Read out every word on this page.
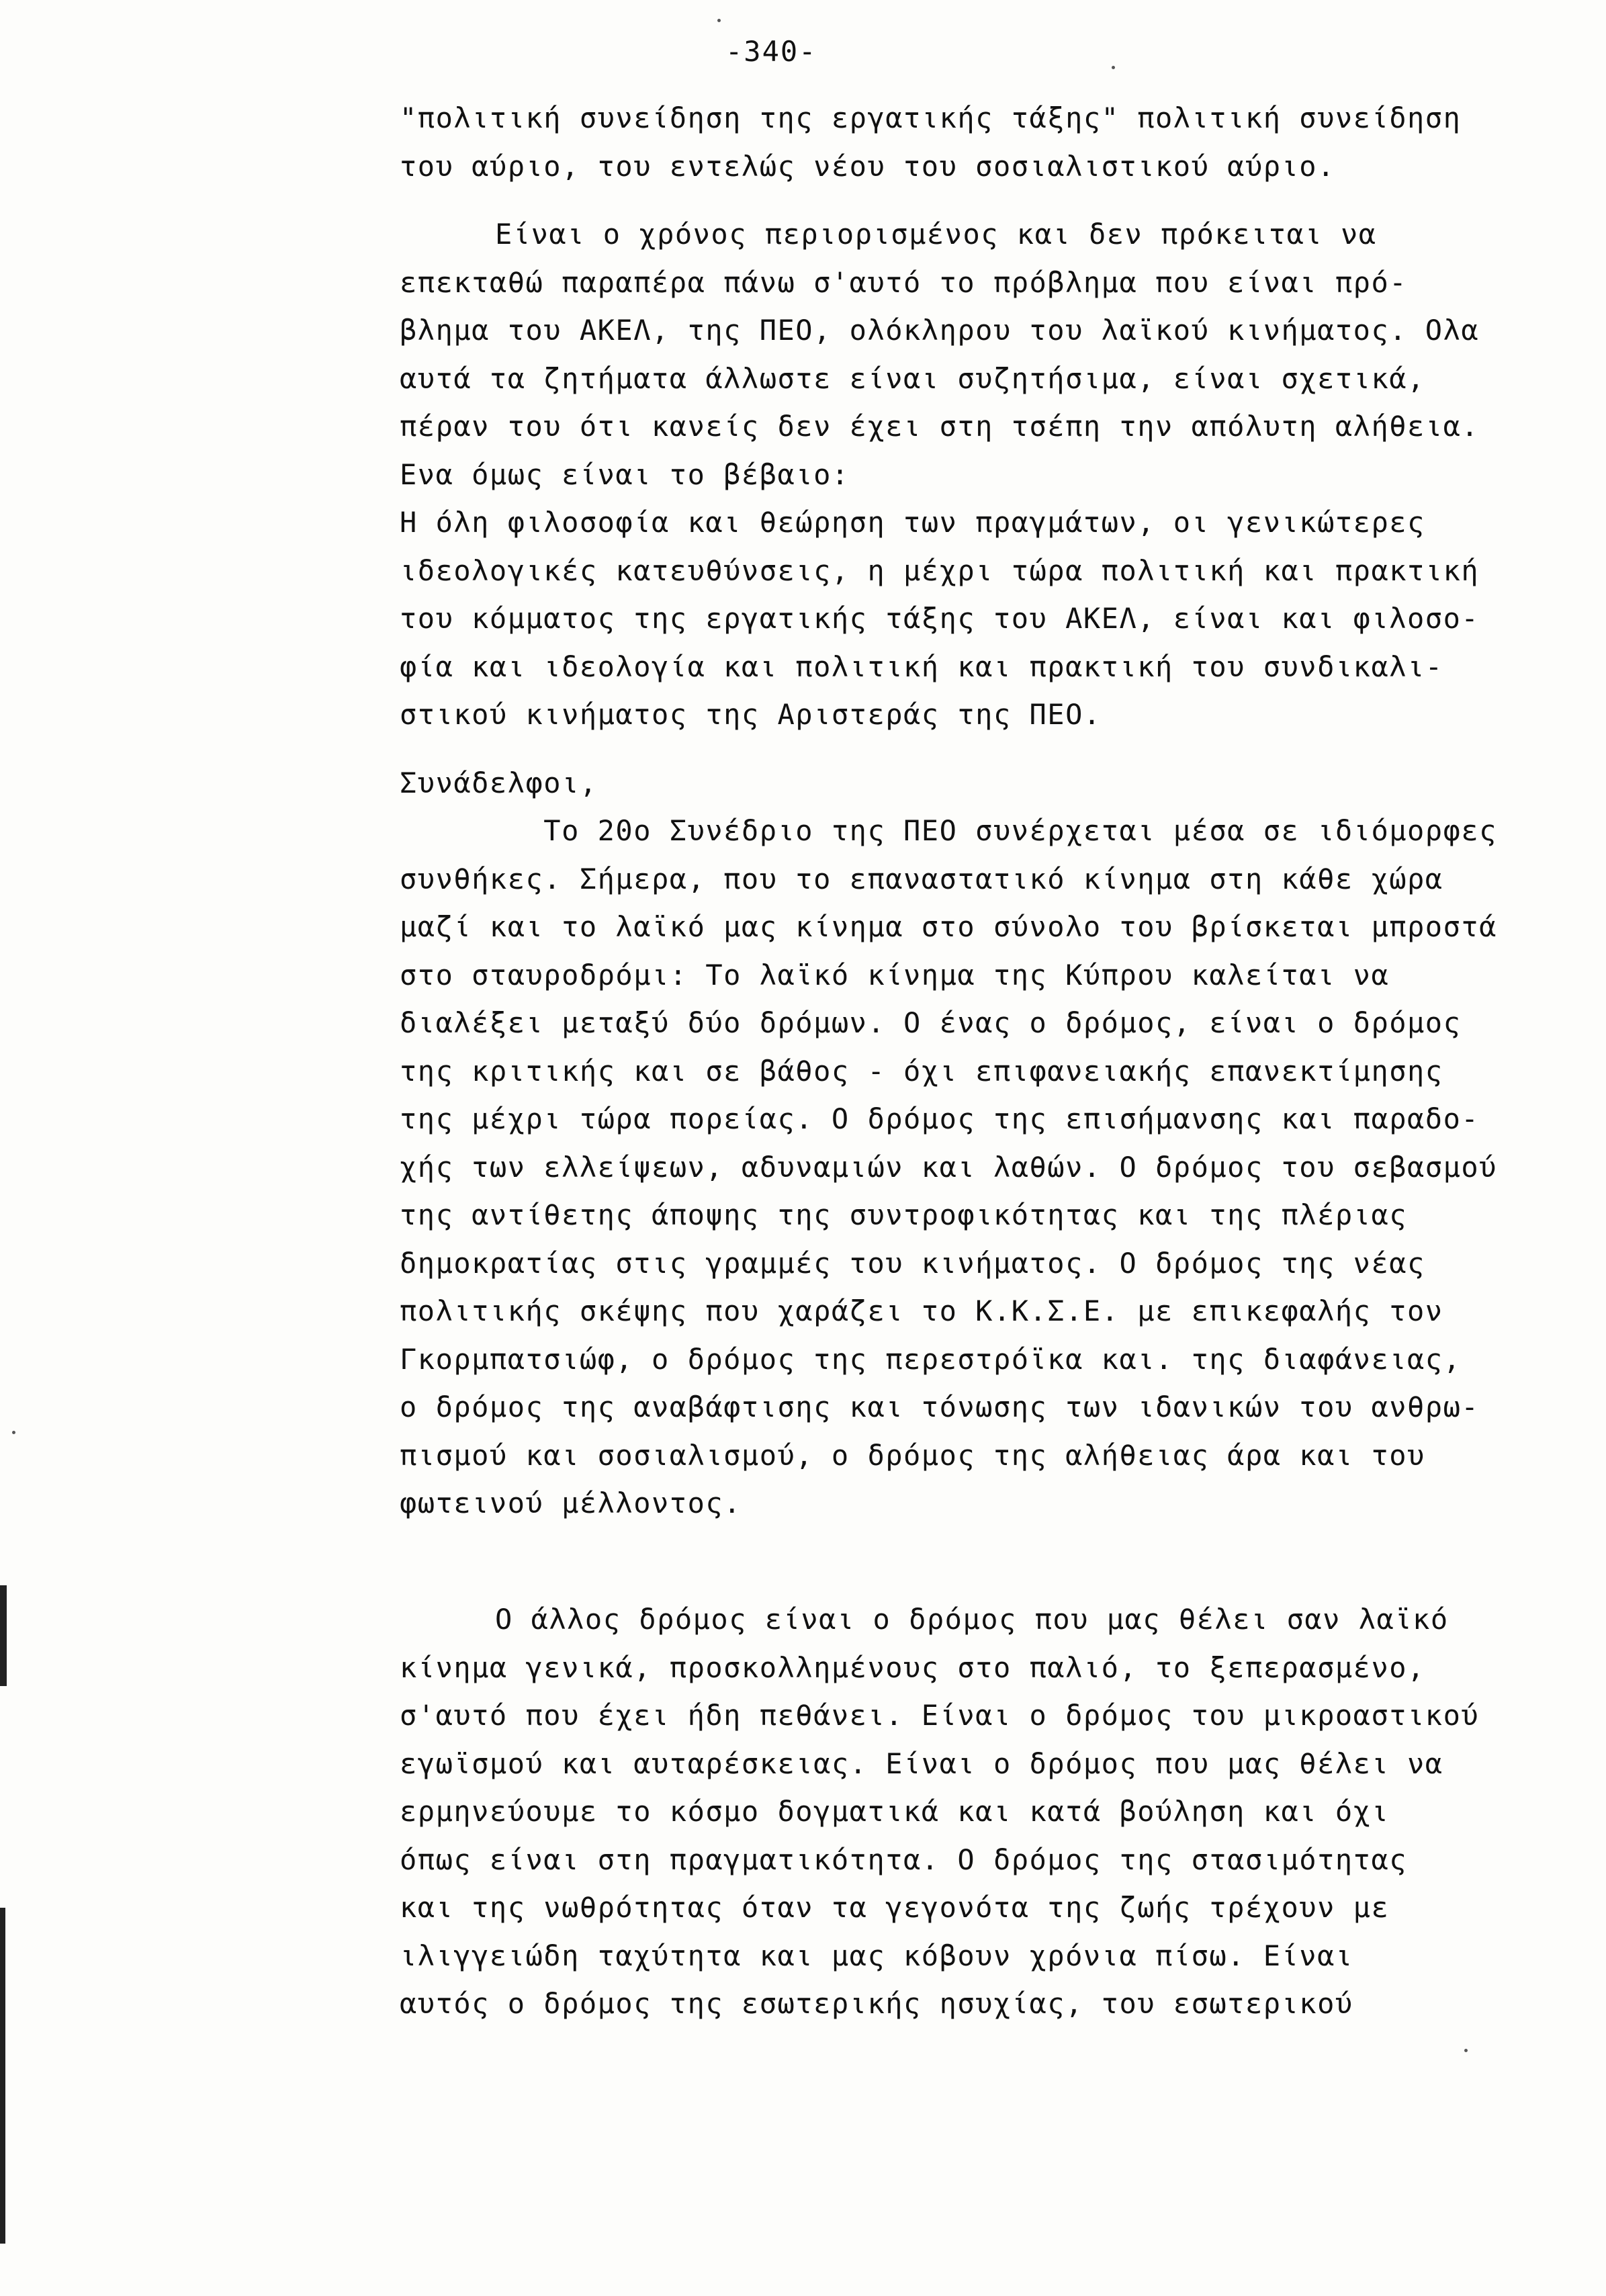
-340-
"πολιτική συνείδηση της εργατικής τάξης" πολιτική συνείδηση
του αύριο, του εντελώς νέου του σοσιαλιστικού αύριο.
Είναι ο χρόνος περιορισμένος και δεν πρόκειται να
επεκταθώ παραπέρα πάνω σ'αυτό το πρόβλημα που είναι πρό-
βλημα του ΑΚΕΛ, της ΠΕΟ, ολόκληρου του λαϊκού κινήματος. Ολα
αυτά τα ζητήματα άλλωστε είναι συζητήσιμα, είναι σχετικά,
πέραν του ότι κανείς δεν έχει στη τσέπη την απόλυτη αλήθεια.
Ενα όμως είναι το βέβαιο:
Η όλη φιλοσοφία και θεώρηση των πραγμάτων, οι γενικώτερες
ιδεολογικές κατευθύνσεις, η μέχρι τώρα πολιτική και πρακτική
του κόμματος της εργατικής τάξης του ΑΚΕΛ, είναι και φιλοσο-
φία και ιδεολογία και πολιτική και πρακτική του συνδικαλι-
στικού κινήματος της Αριστεράς της ΠΕΟ.
Συνάδελφοι,
Το 20ο Συνέδριο της ΠΕΟ συνέρχεται μέσα σε ιδιόμορφες
συνθήκες. Σήμερα, που το επαναστατικό κίνημα στη κάθε χώρα
μαζί και το λαϊκό μας κίνημα στο σύνολο του βρίσκεται μπροστά
στο σταυροδρόμι: Το λαϊκό κίνημα της Κύπρου καλείται να
διαλέξει μεταξύ δύο δρόμων. Ο ένας ο δρόμος, είναι ο δρόμος
της κριτικής και σε βάθος - όχι επιφανειακής επανεκτίμησης
της μέχρι τώρα πορείας. Ο δρόμος της επισήμανσης και παραδο-
χής των ελλείψεων, αδυναμιών και λαθών. Ο δρόμος του σεβασμού
της αντίθετης άποψης της συντροφικότητας και της πλέριας
δημοκρατίας στις γραμμές του κινήματος. Ο δρόμος της νέας
πολιτικής σκέψης που χαράζει το Κ.Κ.Σ.Ε. με επικεφαλής τον
Γκορμπατσιώφ, ο δρόμος της περεστρόϊκα και. της διαφάνειας,
ο δρόμος της αναβάφτισης και τόνωσης των ιδανικών του ανθρω-
πισμού και σοσιαλισμού, ο δρόμος της αλήθειας άρα και του
φωτεινού μέλλοντος.
Ο άλλος δρόμος είναι ο δρόμος που μας θέλει σαν λαϊκό
κίνημα γενικά, προσκολλημένους στο παλιό, το ξεπερασμένο,
σ'αυτό που έχει ήδη πεθάνει. Είναι ο δρόμος του μικροαστικού
εγωϊσμού και αυταρέσκειας. Είναι ο δρόμος που μας θέλει να
ερμηνεύουμε το κόσμο δογματικά και κατά βούληση και όχι
όπως είναι στη πραγματικότητα. Ο δρόμος της στασιμότητας
και της νωθρότητας όταν τα γεγονότα της ζωής τρέχουν με
ιλιγγειώδη ταχύτητα και μας κόβουν χρόνια πίσω. Είναι
αυτός ο δρόμος της εσωτερικής ησυχίας, του εσωτερικού
